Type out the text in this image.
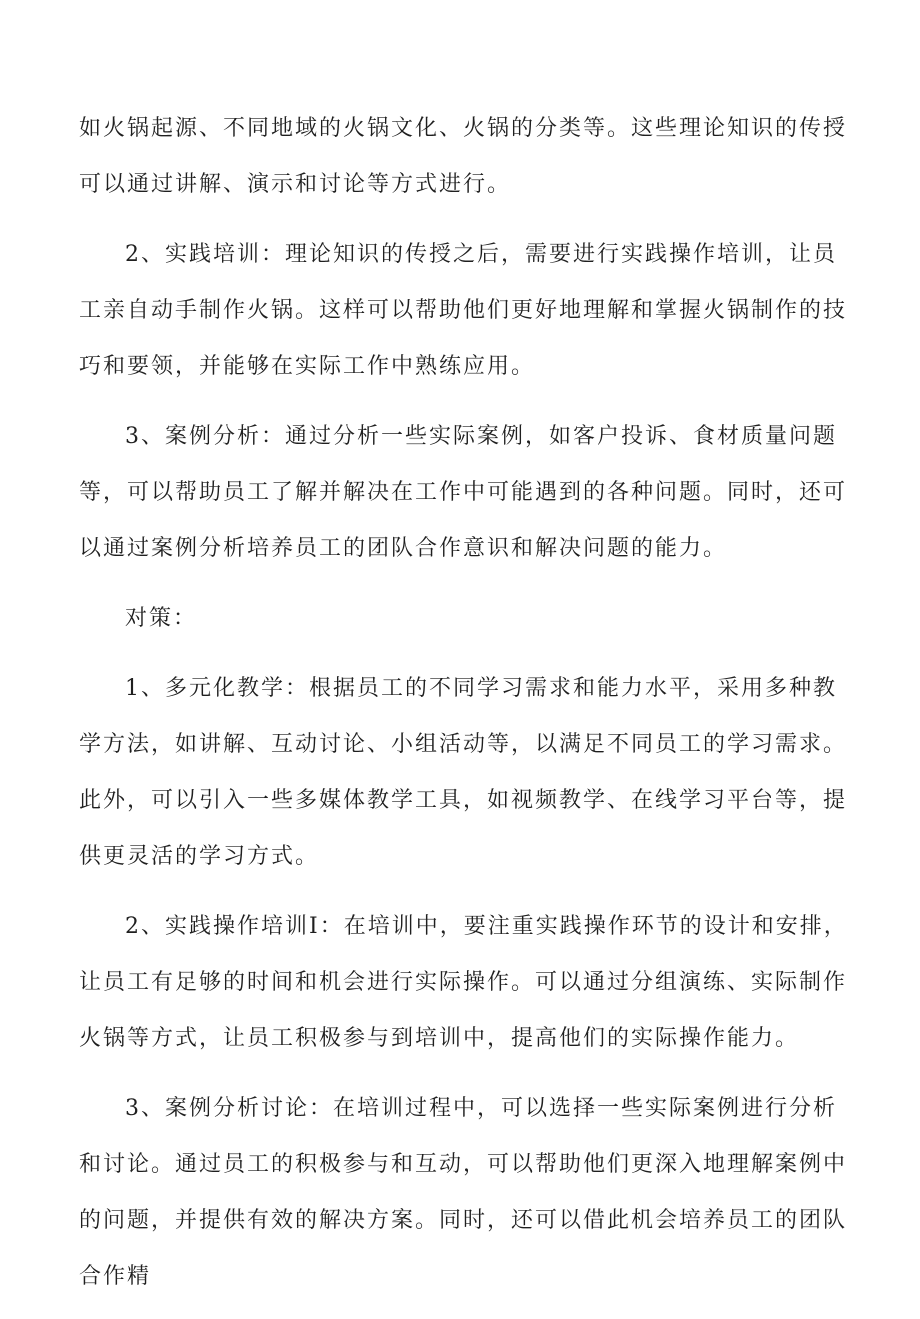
如火锅起源、不同地域的火锅文化、火锅的分类等。这些理论知识的传授可以通过讲解、演示和讨论等方式进行。

2、实践培训：理论知识的传授之后，需要进行实践操作培训，让员工亲自动手制作火锅。这样可以帮助他们更好地理解和掌握火锅制作的技巧和要领，并能够在实际工作中熟练应用。

3、案例分析：通过分析一些实际案例，如客户投诉、食材质量问题等，可以帮助员工了解并解决在工作中可能遇到的各种问题。同时，还可以通过案例分析培养员工的团队合作意识和解决问题的能力。

对策：

1、多元化教学：根据员工的不同学习需求和能力水平，采用多种教学方法，如讲解、互动讨论、小组活动等，以满足不同员工的学习需求。此外，可以引入一些多媒体教学工具，如视频教学、在线学习平台等，提供更灵活的学习方式。

2、实践操作培训I：在培训中，要注重实践操作环节的设计和安排，让员工有足够的时间和机会进行实际操作。可以通过分组演练、实际制作火锅等方式，让员工积极参与到培训中，提高他们的实际操作能力。

3、案例分析讨论：在培训过程中，可以选择一些实际案例进行分析和讨论。通过员工的积极参与和互动，可以帮助他们更深入地理解案例中的问题，并提供有效的解决方案。同时，还可以借此机会培养员工的团队合作精
